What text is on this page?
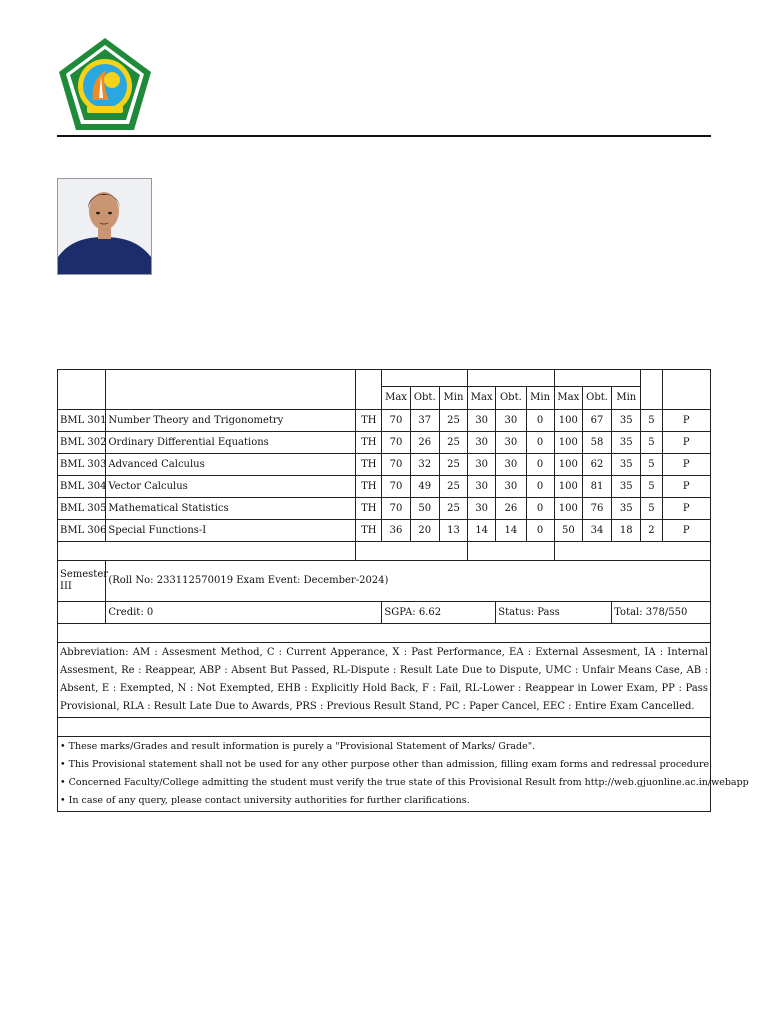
			Max	Obt.	Min	Max	Obt.	Min	Max	Obt.	Min		
BML 301	Number Theory and Trigonometry	TH	70	37	25	30	30	0	100	67	35	5	P
BML 302	Ordinary Differential Equations	TH	70	26	25	30	30	0	100	58	35	5	P
BML 303	Advanced Calculus	TH	70	32	25	30	30	0	100	62	35	5	P
BML 304	Vector Calculus	TH	70	49	25	30	30	0	100	81	35	5	P
BML 305	Mathematical Statistics	TH	70	50	25	30	26	0	100	76	35	5	P
BML 306	Special Functions-I	TH	36	20	13	14	14	0	50	34	18	2	P

Semester III	(Roll No: 233112570019 Exam Event: December-2024)												
	Credit: 0		SGPA: 6.62				Status: Pass				Total: 378/550		

Abbreviation: AM : Assesment Method, C : Current Apperance, X : Past Performance, EA : External Assesment, IA : Internal Assesment, Re : Reappear, ABP : Absent But Passed, RL-Dispute : Result Late Due to Dispute, UMC : Unfair Means Case, AB : Absent, E : Exempted, N : Not Exempted, EHB : Explicitly Hold Back, F : Fail, RL-Lower : Reappear in Lower Exam, PP : Pass Provisional, RLA : Result Late Due to Awards, PRS : Previous Result Stand, PC : Paper Cancel, EEC : Entire Exam Cancelled.													

• These marks/Grades and result information is purely a "Provisional Statement of Marks/ Grade".
• This Provisional statement shall not be used for any other purpose other than admission, filling exam forms and redressal procedure.
• Concerned Faculty/College admitting the student must verify the true state of this Provisional Result from http://web.gjuonline.ac.in/webapp
• In case of any query, please contact university authorities for further clarifications.													
